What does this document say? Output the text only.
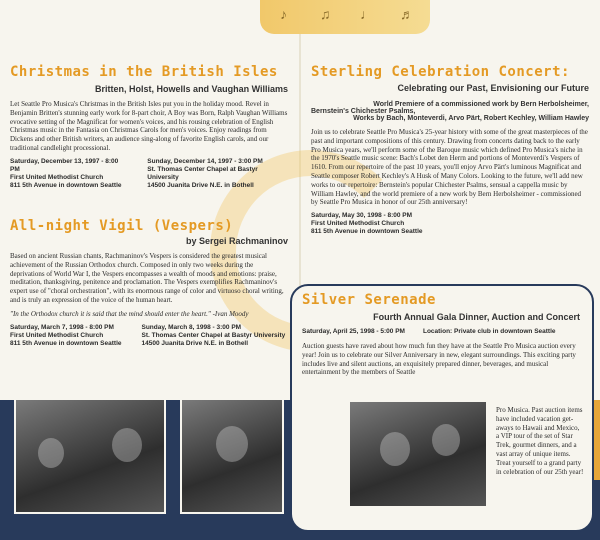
♪ ♫ ♩ ♬
Christmas in the British Isles
Britten, Holst, Howells and Vaughan Williams

Let Seattle Pro Musica's Christmas in the British Isles put you in the holiday mood. Revel in Benjamin Britten's stunning early work for 8-part choir, A Boy was Born, Ralph Vaughan Williams evocative setting of the Magnificat for women's voices, and his rousing celebration of English Christmas music in the Fantasia on Christmas Carols for men's voices. Enjoy readings from Dickens and other British writers, an audience sing-along of favorite English carols, and our traditional candlelight processional.

Saturday, December 13, 1997 - 8:00 PM
First United Methodist Church
811 5th Avenue in downtown Seattle
Sunday, December 14, 1997 - 3:00 PM
St. Thomas Center Chapel at Bastyr University
14500 Juanita Drive N.E. in Bothell
All-night Vigil (Vespers)
by Sergei Rachmaninov

Based on ancient Russian chants, Rachmaninov's Vespers is considered the greatest musical achievement of the Russian Orthodox church. Composed in only two weeks during the deprivations of World War I, the Vespers encompasses a wealth of moods and emotions: praise, meditation, thanksgiving, penitence and proclamation. The Vespers exemplifies Rachmaninov's expert use of "choral orchestration", with its enormous range of color and virtuoso choral writing, and is truly an expression of the voice of the human heart.

"In the Orthodox church it is said that the mind should enter the heart." -Ivan Moody
Saturday, March 7, 1998 - 8:00 PM
First United Methodist Church
811 5th Avenue in downtown Seattle
Sunday, March 8, 1998 - 3:00 PM
St. Thomas Center Chapel at Bastyr University
14500 Juanita Drive N.E. in Bothell
Sterling Celebration Concert:
Celebrating our Past, Envisioning our Future
World Premiere of a commissioned work by Bern Herbolsheimer,
Bernstein's Chichester Psalms,
Works by Bach, Monteverdi, Arvo Pärt, Robert Kechley, William Hawley

Join us to celebrate Seattle Pro Musica's 25-year history with some of the great masterpieces of the past and important compositions of this century. Drawing from concerts dating back to the early Pro Musica years, we'll perform some of the Baroque music which defined Pro Musica's niche in the 1970's Seattle music scene: Bach's Lobet den Herrn and portions of Monteverdi's Vespers of 1610. From our repertoire of the past 10 years, you'll enjoy Arvo Pärt's luminous Magnificat and Seattle composer Robert Kechley's A Husk of Many Colors. Looking to the future, we'll add new works to our repertoire: Bernstein's popular Chichester Psalms, sensual a cappella music by William Hawley, and the world premiere of a new work by Bern Herbolsheimer - commissioned by Seattle Pro Musica in honor of our 25th anniversary!

Saturday, May 30, 1998 - 8:00 PM
First United Methodist Church
811 5th Avenue in downtown Seattle
Silver Serenade
Fourth Annual Gala Dinner, Auction and Concert
Saturday, April 25, 1998 - 5:00 PM	Location: Private club in downtown Seattle

Auction guests have raved about how much fun they have at the Seattle Pro Musica auction every year! Join us to celebrate our Silver Anniversary in new, elegant surroundings. This exciting party includes live and silent auctions, an exquisitely prepared dinner, beverages, and musical entertainment by the members of Seattle

Pro Musica. Past auction items have included vacation get-aways to Hawaii and Mexico, a VIP tour of the set of Star Trek, gourmet dinners, and a vast array of unique items. Treat yourself to a grand party in celebration of our 25th year!
